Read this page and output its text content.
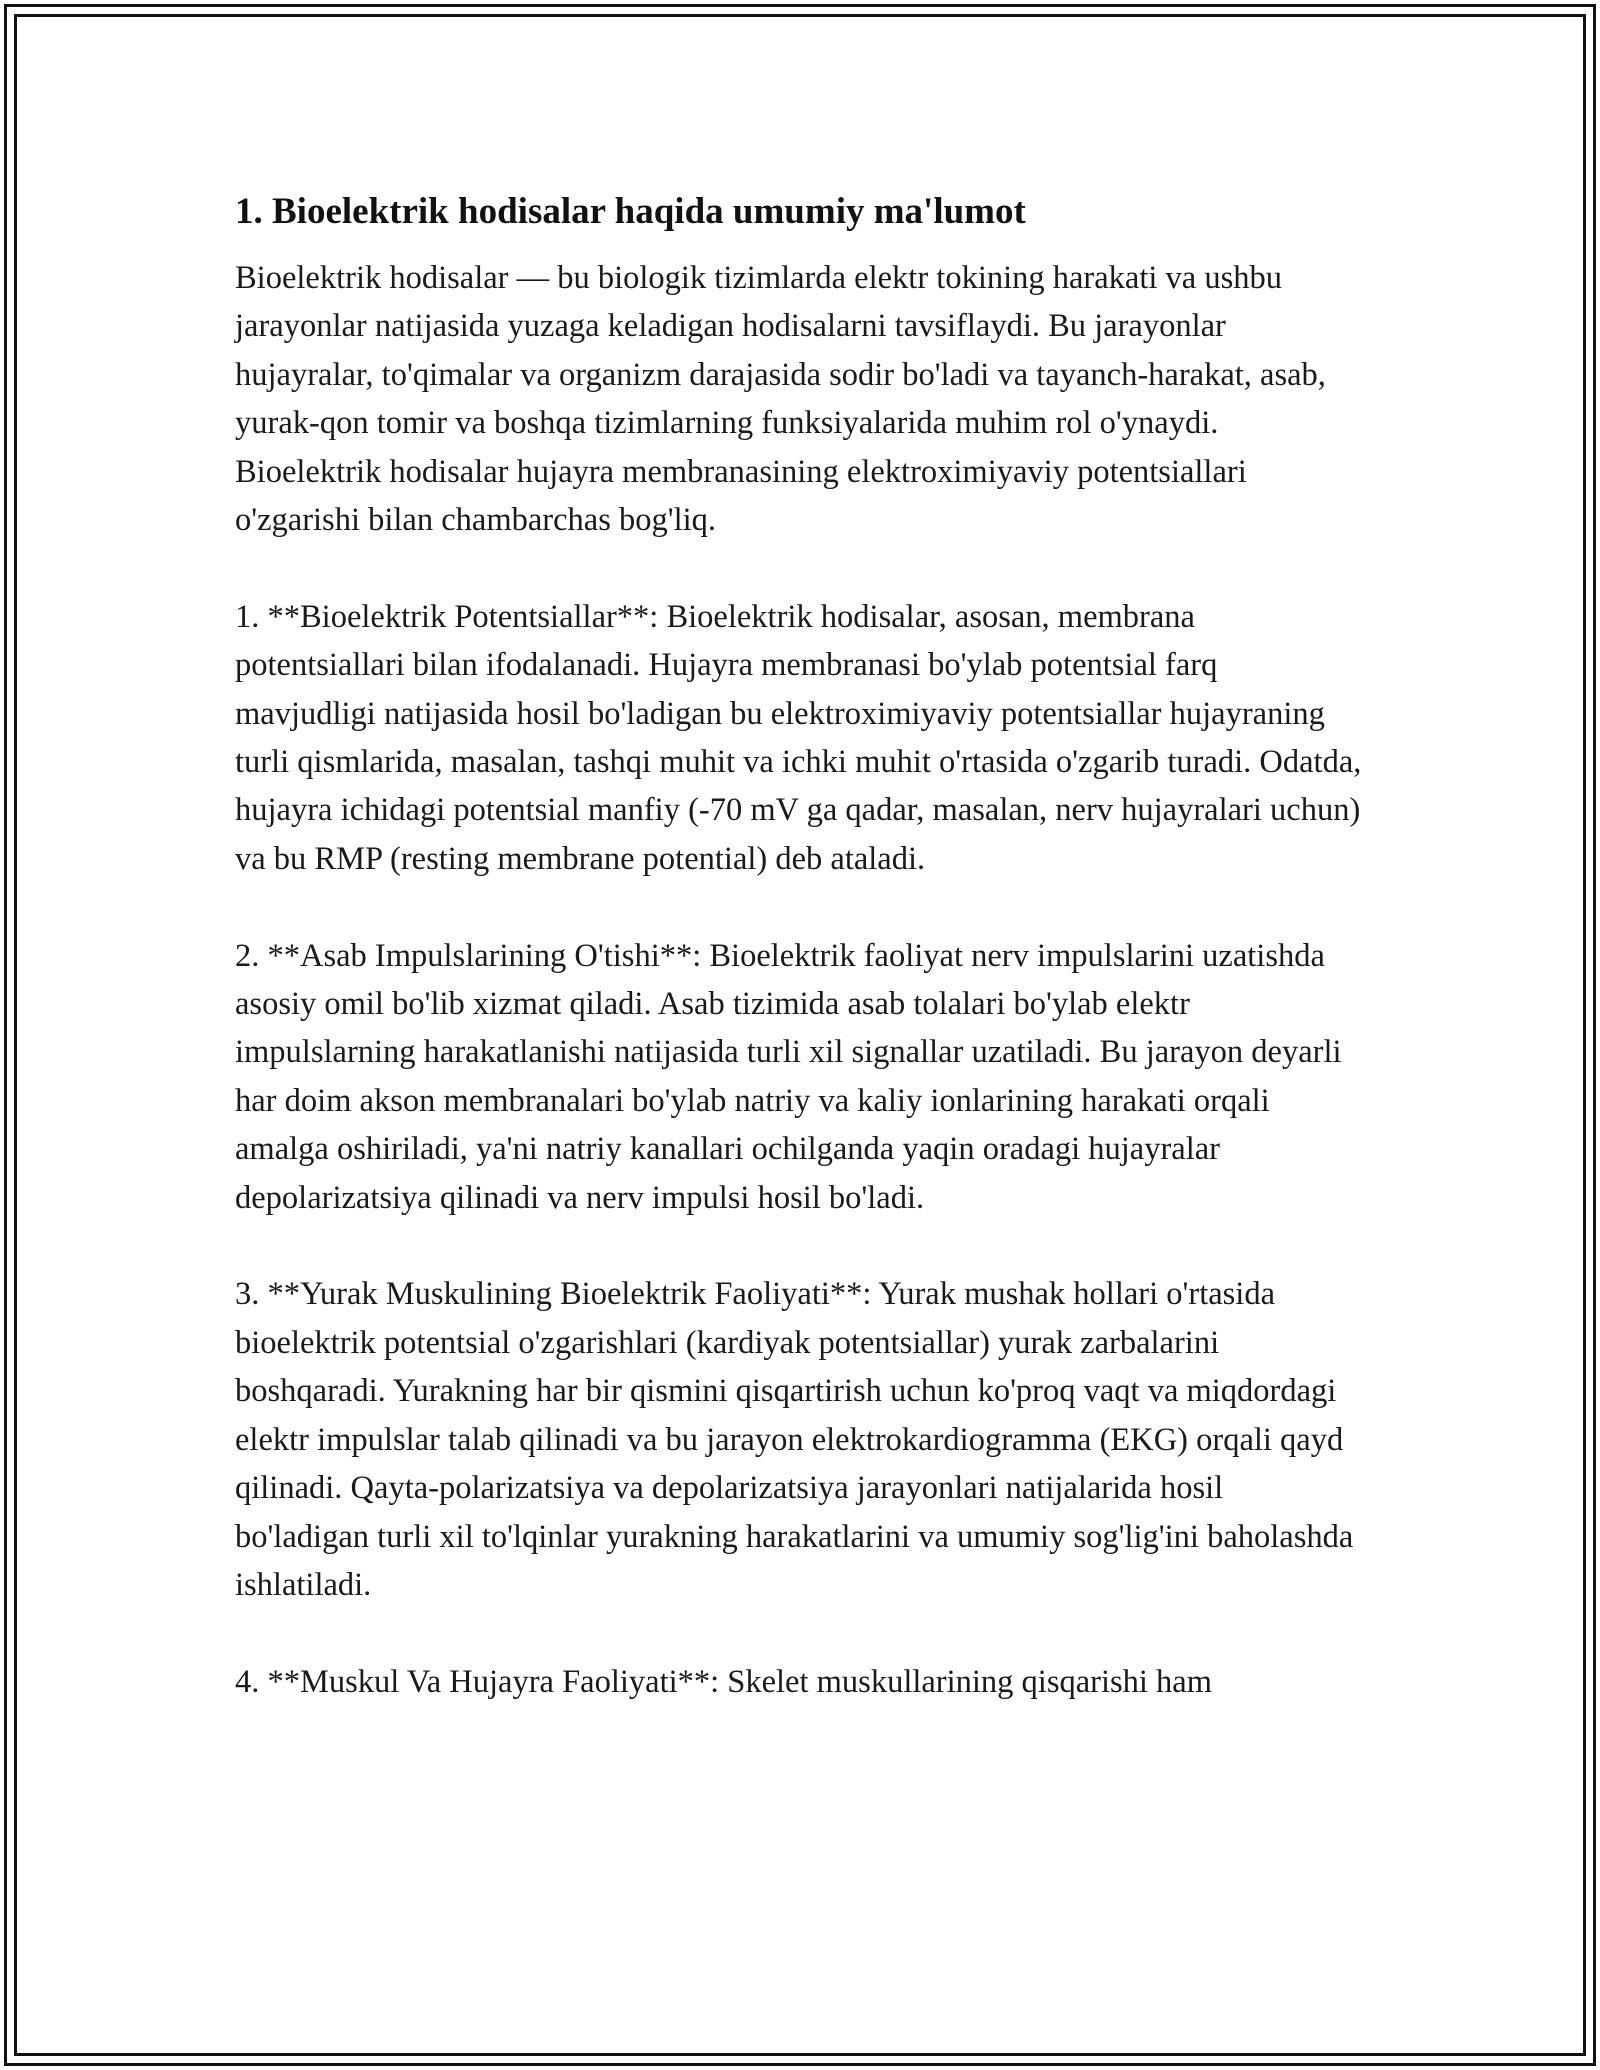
1. Bioelektrik hodisalar haqida umumiy ma'lumot

Bioelektrik hodisalar — bu biologik tizimlarda elektr tokining harakati va ushbu jarayonlar natijasida yuzaga keladigan hodisalarni tavsiflaydi. Bu jarayonlar hujayralar, to'qimalar va organizm darajasida sodir bo'ladi va tayanch-harakat, asab, yurak-qon tomir va boshqa tizimlarning funksiyalarida muhim rol o'ynaydi. Bioelektrik hodisalar hujayra membranasining elektroximiyaviy potentsiallari o'zgarishi bilan chambarchas bog'liq.

1. **Bioelektrik Potentsiallar**: Bioelektrik hodisalar, asosan, membrana potentsiallari bilan ifodalanadi. Hujayra membranasi bo'ylab potentsial farq mavjudligi natijasida hosil bo'ladigan bu elektroximiyaviy potentsiallar hujayraning turli qismlarida, masalan, tashqi muhit va ichki muhit o'rtasida o'zgarib turadi. Odatda, hujayra ichidagi potentsial manfiy (-70 mV ga qadar, masalan, nerv hujayralari uchun) va bu RMP (resting membrane potential) deb ataladi.

2. **Asab Impulslarining O'tishi**: Bioelektrik faoliyat nerv impulslarini uzatishda asosiy omil bo'lib xizmat qiladi. Asab tizimida asab tolalari bo'ylab elektr impulslarning harakatlanishi natijasida turli xil signallar uzatiladi. Bu jarayon deyarli har doim akson membranalari bo'ylab natriy va kaliy ionlarining harakati orqali amalga oshiriladi, ya'ni natriy kanallari ochilganda yaqin oradagi hujayralar depolarizatsiya qilinadi va nerv impulsi hosil bo'ladi.

3. **Yurak Muskulining Bioelektrik Faoliyati**: Yurak mushak hollari o'rtasida bioelektrik potentsial o'zgarishlari (kardiyak potentsiallar) yurak zarbalarini boshqaradi. Yurakning har bir qismini qisqartirish uchun ko'proq vaqt va miqdordagi elektr impulslar talab qilinadi va bu jarayon elektrokardiogramma (EKG) orqali qayd qilinadi. Qayta-polarizatsiya va depolarizatsiya jarayonlari natijalarida hosil bo'ladigan turli xil to'lqinlar yurakning harakatlarini va umumiy sog'lig'ini baholashda ishlatiladi.

4. **Muskul Va Hujayra Faoliyati**: Skelet muskullarining qisqarishi ham
